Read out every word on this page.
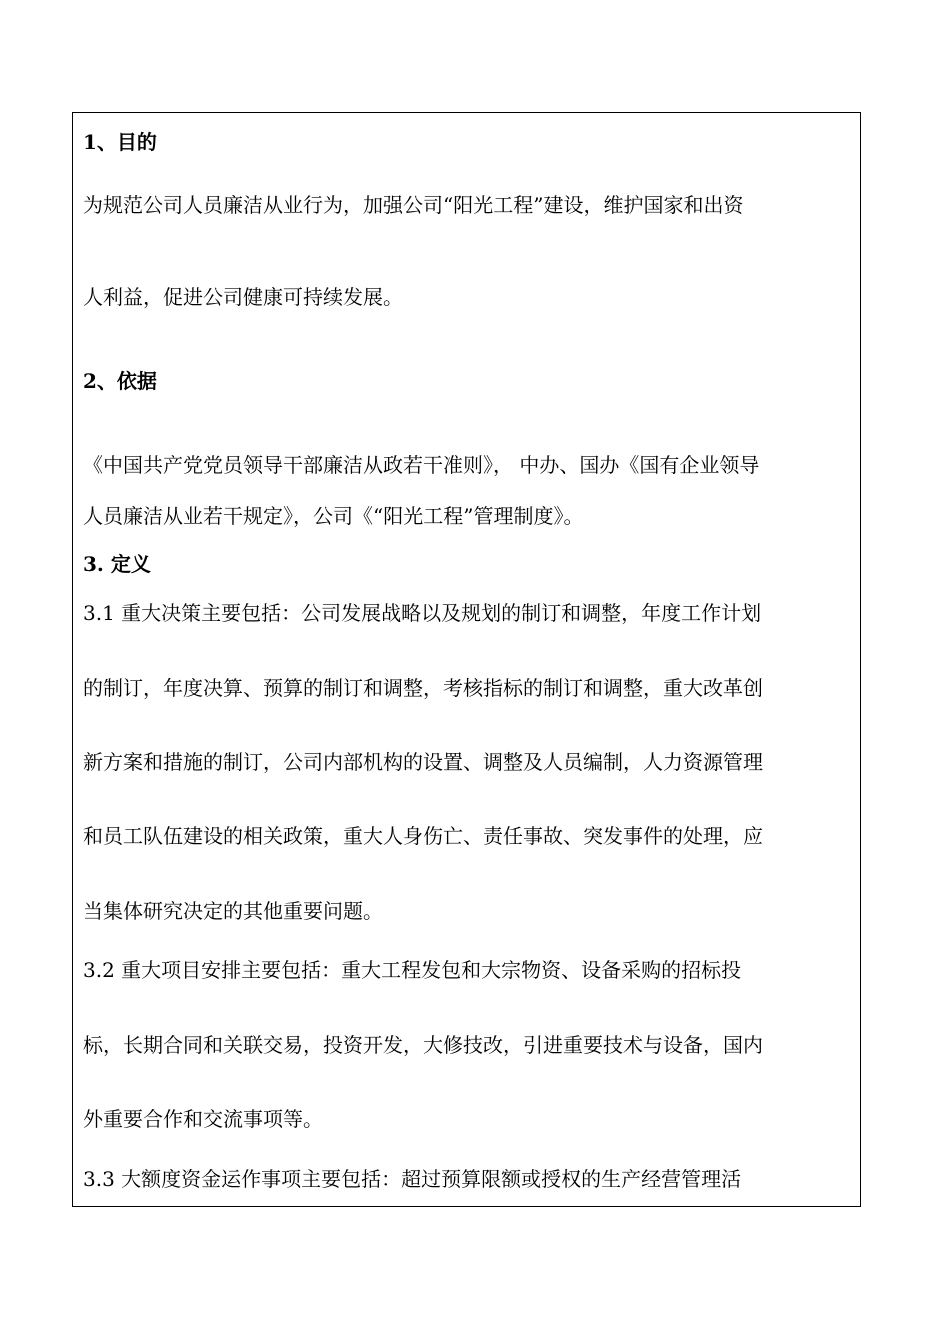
1、目的
为规范公司人员廉洁从业行为，加强公司“阳光工程”建设，维护国家和出资
人利益，促进公司健康可持续发展。
2、依据
《中国共产党党员领导干部廉洁从政若干准则》， 中办、国办《国有企业领导
人员廉洁从业若干规定》，公司《“阳光工程”管理制度》。
3. 定义
3.1 重大决策主要包括：公司发展战略以及规划的制订和调整，年度工作计划
的制订，年度决算、预算的制订和调整，考核指标的制订和调整，重大改革创
新方案和措施的制订，公司内部机构的设置、调整及人员编制，人力资源管理
和员工队伍建设的相关政策，重大人身伤亡、责任事故、突发事件的处理，应
当集体研究决定的其他重要问题。
3.2 重大项目安排主要包括：重大工程发包和大宗物资、设备采购的招标投
标，长期合同和关联交易，投资开发，大修技改，引进重要技术与设备，国内
外重要合作和交流事项等。
3.3 大额度资金运作事项主要包括：超过预算限额或授权的生产经营管理活
